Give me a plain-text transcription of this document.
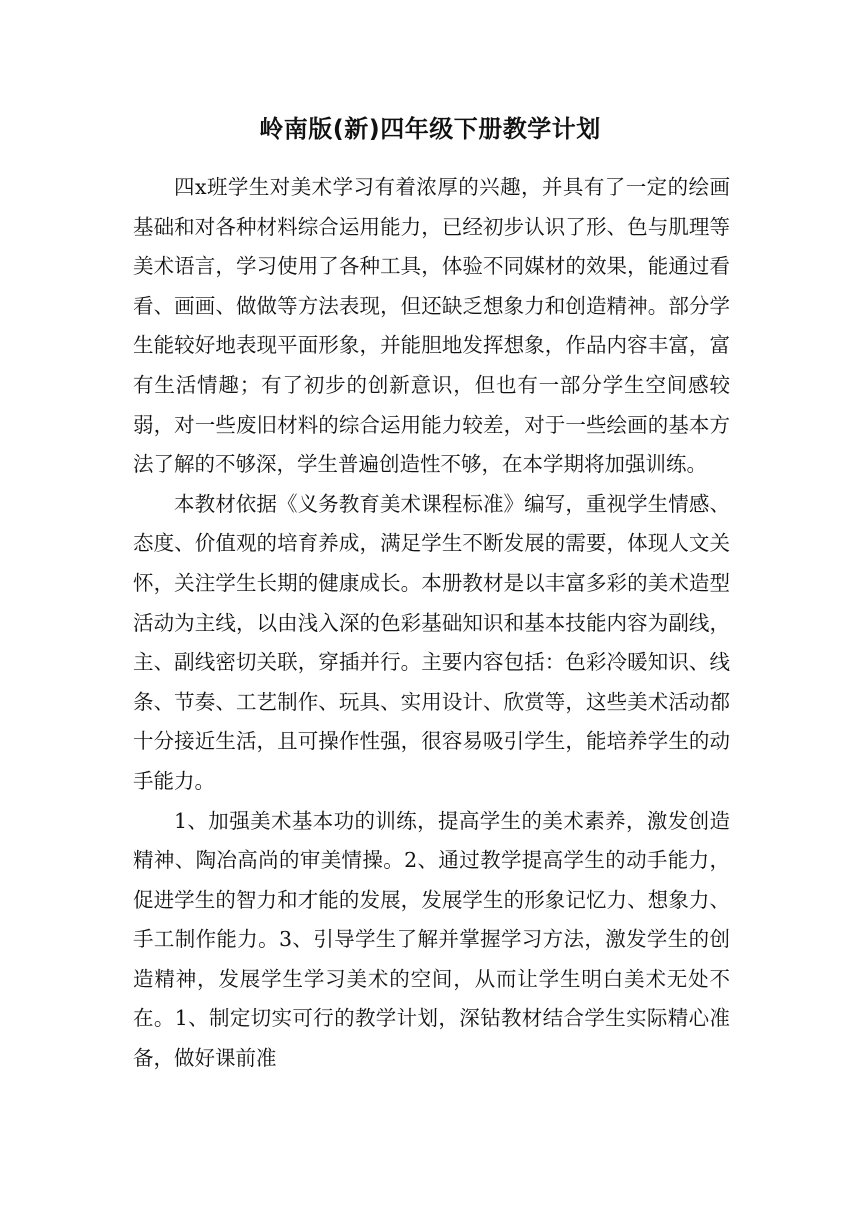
岭南版(新)四年级下册教学计划

四x班学生对美术学习有着浓厚的兴趣，并具有了一定的绘画基础和对各种材料综合运用能力，已经初步认识了形、色与肌理等美术语言，学习使用了各种工具，体验不同媒材的效果，能通过看看、画画、做做等方法表现，但还缺乏想象力和创造精神。部分学生能较好地表现平面形象，并能胆地发挥想象，作品内容丰富，富有生活情趣；有了初步的创新意识，但也有一部分学生空间感较弱，对一些废旧材料的综合运用能力较差，对于一些绘画的基本方法了解的不够深，学生普遍创造性不够，在本学期将加强训练。

本教材依据《义务教育美术课程标准》编写，重视学生情感、态度、价值观的培育养成，满足学生不断发展的需要，体现人文关怀，关注学生长期的健康成长。本册教材是以丰富多彩的美术造型活动为主线，以由浅入深的色彩基础知识和基本技能内容为副线，主、副线密切关联，穿插并行。主要内容包括：色彩冷暖知识、线条、节奏、工艺制作、玩具、实用设计、欣赏等，这些美术活动都十分接近生活，且可操作性强，很容易吸引学生，能培养学生的动手能力。

1、加强美术基本功的训练，提高学生的美术素养，激发创造精神、陶冶高尚的审美情操。2、通过教学提高学生的动手能力，促进学生的智力和才能的发展，发展学生的形象记忆力、想象力、手工制作能力。3、引导学生了解并掌握学习方法，激发学生的创造精神，发展学生学习美术的空间，从而让学生明白美术无处不在。1、制定切实可行的教学计划，深钻教材结合学生实际精心准备，做好课前准
